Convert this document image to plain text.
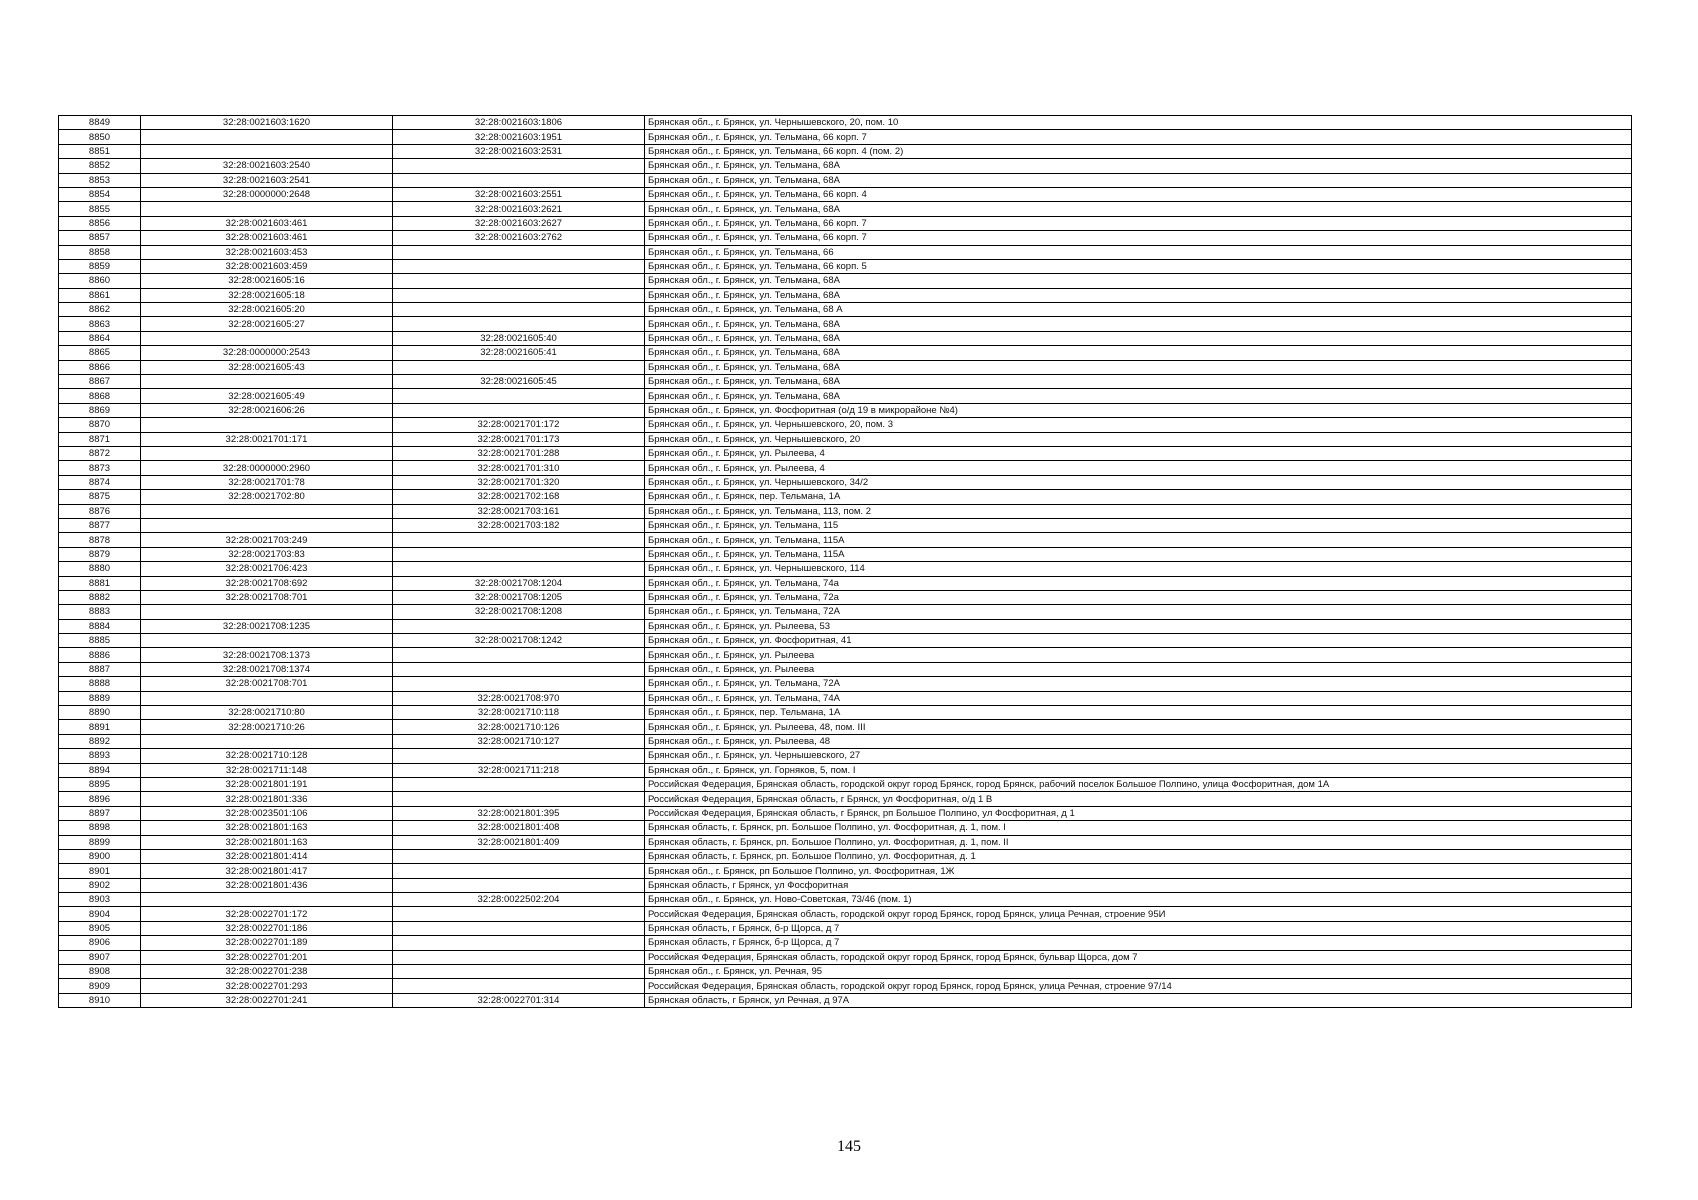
8849	32:28:0021603:1620	32:28:0021603:1806	Брянская обл., г. Брянск, ул. Чернышевского, 20, пом. 10
8850		32:28:0021603:1951	Брянская обл., г. Брянск, ул. Тельмана, 66 корп. 7
8851		32:28:0021603:2531	Брянская обл., г. Брянск, ул. Тельмана, 66 корп. 4 (пом. 2)
8852	32:28:0021603:2540		Брянская обл., г. Брянск, ул. Тельмана, 68А
8853	32:28:0021603:2541		Брянская обл., г. Брянск, ул. Тельмана, 68А
8854	32:28:0000000:2648	32:28:0021603:2551	Брянская обл., г. Брянск, ул. Тельмана, 66 корп. 4
8855		32:28:0021603:2621	Брянская обл., г. Брянск, ул. Тельмана, 68А
8856	32:28:0021603:461	32:28:0021603:2627	Брянская обл., г. Брянск, ул. Тельмана, 66 корп. 7
8857	32:28:0021603:461	32:28:0021603:2762	Брянская обл., г. Брянск, ул. Тельмана, 66 корп. 7
8858	32:28:0021603:453		Брянская обл., г. Брянск, ул. Тельмана, 66
8859	32:28:0021603:459		Брянская обл., г. Брянск, ул. Тельмана, 66 корп. 5
8860	32:28:0021605:16		Брянская обл., г. Брянск, ул. Тельмана, 68А
8861	32:28:0021605:18		Брянская обл., г. Брянск, ул. Тельмана, 68А
8862	32:28:0021605:20		Брянская обл., г. Брянск, ул. Тельмана, 68 А
8863	32:28:0021605:27		Брянская обл., г. Брянск, ул. Тельмана, 68А
8864		32:28:0021605:40	Брянская обл., г. Брянск, ул. Тельмана, 68А
8865	32:28:0000000:2543	32:28:0021605:41	Брянская обл., г. Брянск, ул. Тельмана, 68А
8866	32:28:0021605:43		Брянская обл., г. Брянск, ул. Тельмана, 68А
8867		32:28:0021605:45	Брянская обл., г. Брянск, ул. Тельмана, 68А
8868	32:28:0021605:49		Брянская обл., г. Брянск, ул. Тельмана, 68А
8869	32:28:0021606:26		Брянская обл., г. Брянск, ул. Фосфоритная (о/д 19 в микрорайоне №4)
8870		32:28:0021701:172	Брянская обл., г. Брянск, ул. Чернышевского, 20, пом. 3
8871	32:28:0021701:171	32:28:0021701:173	Брянская обл., г. Брянск, ул. Чернышевского, 20
8872		32:28:0021701:288	Брянская обл., г. Брянск, ул. Рылеева, 4
8873	32:28:0000000:2960	32:28:0021701:310	Брянская обл., г. Брянск, ул. Рылеева, 4
8874	32:28:0021701:78	32:28:0021701:320	Брянская обл., г. Брянск, ул. Чернышевского, 34/2
8875	32:28:0021702:80	32:28:0021702:168	Брянская обл., г. Брянск, пер. Тельмана, 1А
8876		32:28:0021703:161	Брянская обл., г. Брянск, ул. Тельмана, 113, пом. 2
8877		32:28:0021703:182	Брянская обл., г. Брянск, ул. Тельмана, 115
8878	32:28:0021703:249		Брянская обл., г. Брянск, ул. Тельмана, 115А
8879	32:28:0021703:83		Брянская обл., г. Брянск, ул. Тельмана, 115А
8880	32:28:0021706:423		Брянская обл., г. Брянск, ул. Чернышевского, 114
8881	32:28:0021708:692	32:28:0021708:1204	Брянская обл., г. Брянск, ул. Тельмана, 74а
8882	32:28:0021708:701	32:28:0021708:1205	Брянская обл., г. Брянск, ул. Тельмана, 72а
8883		32:28:0021708:1208	Брянская обл., г. Брянск, ул. Тельмана, 72А
8884	32:28:0021708:1235		Брянская обл., г. Брянск, ул. Рылеева, 53
8885		32:28:0021708:1242	Брянская обл., г. Брянск, ул. Фосфоритная, 41
8886	32:28:0021708:1373		Брянская обл., г. Брянск, ул. Рылеева
8887	32:28:0021708:1374		Брянская обл., г. Брянск, ул. Рылеева
8888	32:28:0021708:701		Брянская обл., г. Брянск, ул. Тельмана, 72А
8889		32:28:0021708:970	Брянская обл., г. Брянск, ул. Тельмана, 74А
8890	32:28:0021710:80	32:28:0021710:118	Брянская обл., г. Брянск, пер. Тельмана, 1А
8891	32:28:0021710:26	32:28:0021710:126	Брянская обл., г. Брянск, ул. Рылеева, 48, пом. III
8892		32:28:0021710:127	Брянская обл., г. Брянск, ул. Рылеева, 48
8893	32:28:0021710:128		Брянская обл., г. Брянск, ул. Чернышевского, 27
8894	32:28:0021711:148	32:28:0021711:218	Брянская обл., г. Брянск, ул. Горняков, 5, пом. I
8895	32:28:0021801:191		Российская Федерация, Брянская область, городской округ город Брянск, город Брянск, рабочий поселок Большое Полпино, улица Фосфоритная, дом 1А
8896	32:28:0021801:336		Российская Федерация, Брянская область, г Брянск, ул Фосфоритная, о/д 1 В
8897	32:28:0023501:106	32:28:0021801:395	Российская Федерация, Брянская область, г Брянск, рп Большое Полпино, ул Фосфоритная, д 1
8898	32:28:0021801:163	32:28:0021801:408	Брянская область, г. Брянск, рп. Большое Полпино, ул. Фосфоритная, д. 1, пом. I
8899	32:28:0021801:163	32:28:0021801:409	Брянская область, г. Брянск, рп. Большое Полпино, ул. Фосфоритная, д. 1, пом. II
8900	32:28:0021801:414		Брянская область, г. Брянск, рп. Большое Полпино, ул. Фосфоритная, д. 1
8901	32:28:0021801:417		Брянская обл., г. Брянск, рп Большое Полпино, ул. Фосфоритная, 1Ж
8902	32:28:0021801:436		Брянская область, г Брянск, ул Фосфоритная
8903		32:28:0022502:204	Брянская обл., г. Брянск, ул. Ново-Советская, 73/46 (пом. 1)
8904	32:28:0022701:172		Российская Федерация, Брянская область, городской округ город Брянск, город Брянск, улица Речная, строение 95И
8905	32:28:0022701:186		Брянская область, г Брянск, б-р Щорса, д 7
8906	32:28:0022701:189		Брянская область, г Брянск, б-р Щорса, д 7
8907	32:28:0022701:201		Российская Федерация, Брянская область, городской округ город Брянск, город Брянск, бульвар Щорса, дом 7
8908	32:28:0022701:238		Брянская обл., г. Брянск, ул. Речная, 95
8909	32:28:0022701:293		Российская Федерация, Брянская область, городской округ город Брянск, город Брянск, улица Речная, строение 97/14
8910	32:28:0022701:241	32:28:0022701:314	Брянская область, г Брянск, ул Речная, д 97А
145
